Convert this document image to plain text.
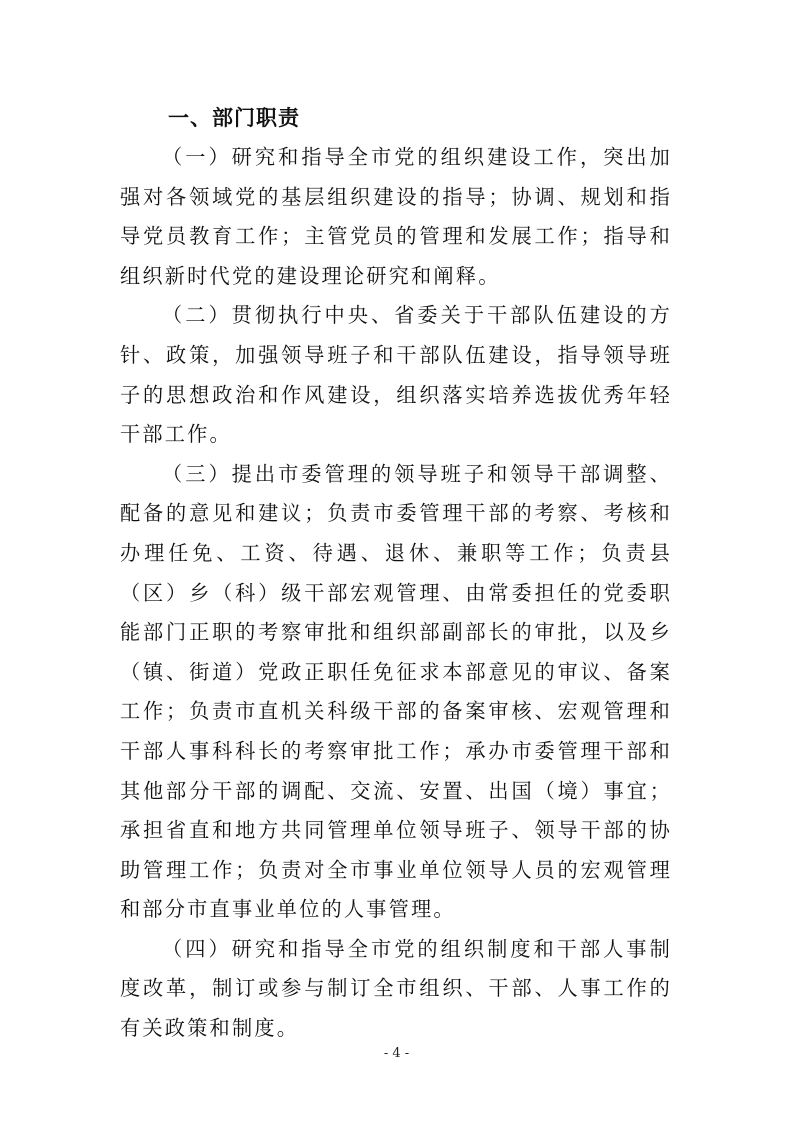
一、部门职责

（一）研究和指导全市党的组织建设工作，突出加强对各领域党的基层组织建设的指导；协调、规划和指导党员教育工作；主管党员的管理和发展工作；指导和组织新时代党的建设理论研究和阐释。

（二）贯彻执行中央、省委关于干部队伍建设的方针、政策，加强领导班子和干部队伍建设，指导领导班子的思想政治和作风建设，组织落实培养选拔优秀年轻干部工作。

（三）提出市委管理的领导班子和领导干部调整、配备的意见和建议；负责市委管理干部的考察、考核和办理任免、工资、待遇、退休、兼职等工作；负责县（区）乡（科）级干部宏观管理、由常委担任的党委职能部门正职的考察审批和组织部副部长的审批，以及乡（镇、街道）党政正职任免征求本部意见的审议、备案工作；负责市直机关科级干部的备案审核、宏观管理和干部人事科科长的考察审批工作；承办市委管理干部和其他部分干部的调配、交流、安置、出国（境）事宜；承担省直和地方共同管理单位领导班子、领导干部的协助管理工作；负责对全市事业单位领导人员的宏观管理和部分市直事业单位的人事管理。

（四）研究和指导全市党的组织制度和干部人事制度改革，制订或参与制订全市组织、干部、人事工作的有关政策和制度。

- 4 -
